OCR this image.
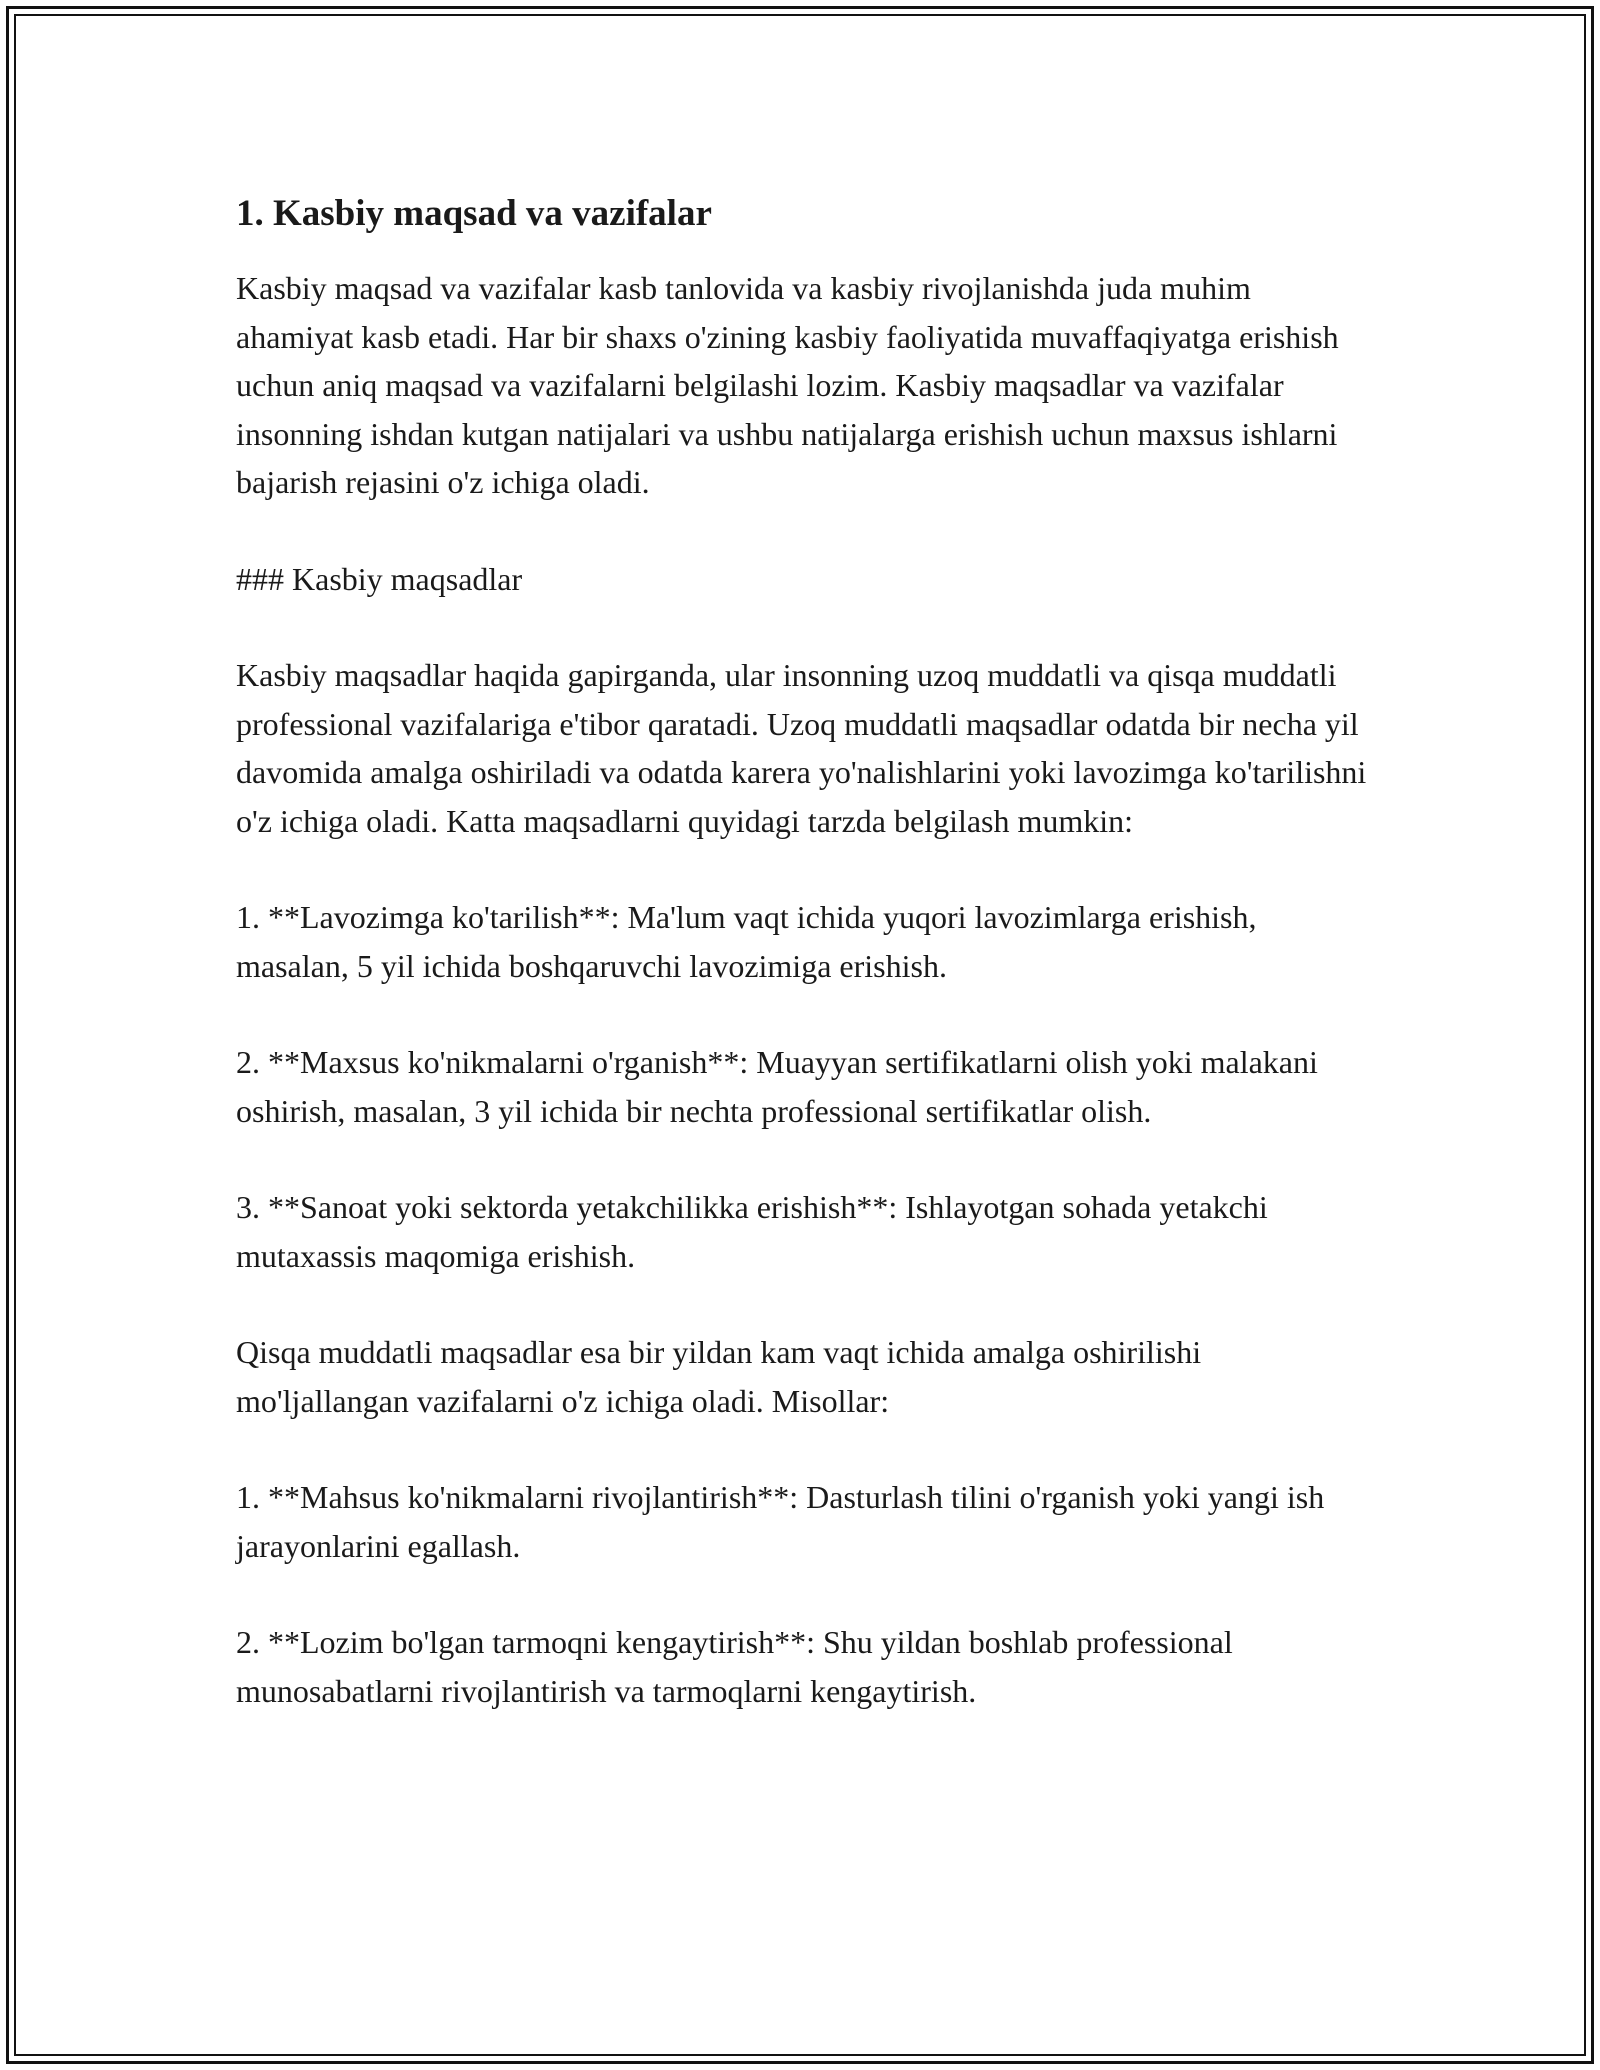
1. Kasbiy maqsad va vazifalar

Kasbiy maqsad va vazifalar kasb tanlovida va kasbiy rivojlanishda juda muhim ahamiyat kasb etadi. Har bir shaxs o'zining kasbiy faoliyatida muvaffaqiyatga erishish uchun aniq maqsad va vazifalarni belgilashi lozim. Kasbiy maqsadlar va vazifalar insonning ishdan kutgan natijalari va ushbu natijalarga erishish uchun maxsus ishlarni bajarish rejasini o'z ichiga oladi.

### Kasbiy maqsadlar

Kasbiy maqsadlar haqida gapirganda, ular insonning uzoq muddatli va qisqa muddatli professional vazifalariga e'tibor qaratadi. Uzoq muddatli maqsadlar odatda bir necha yil davomida amalga oshiriladi va odatda karera yo'nalishlarini yoki lavozimga ko'tarilishni o'z ichiga oladi. Katta maqsadlarni quyidagi tarzda belgilash mumkin:

1. **Lavozimga ko'tarilish**: Ma'lum vaqt ichida yuqori lavozimlarga erishish, masalan, 5 yil ichida boshqaruvchi lavozimiga erishish.

2. **Maxsus ko'nikmalarni o'rganish**: Muayyan sertifikatlarni olish yoki malakani oshirish, masalan, 3 yil ichida bir nechta professional sertifikatlar olish.

3. **Sanoat yoki sektorda yetakchilikka erishish**: Ishlayotgan sohada yetakchi mutaxassis maqomiga erishish.

Qisqa muddatli maqsadlar esa bir yildan kam vaqt ichida amalga oshirilishi mo'ljallangan vazifalarni o'z ichiga oladi. Misollar:

1. **Mahsus ko'nikmalarni rivojlantirish**: Dasturlash tilini o'rganish yoki yangi ish jarayonlarini egallash.

2. **Lozim bo'lgan tarmoqni kengaytirish**: Shu yildan boshlab professional munosabatlarni rivojlantirish va tarmoqlarni kengaytirish.
